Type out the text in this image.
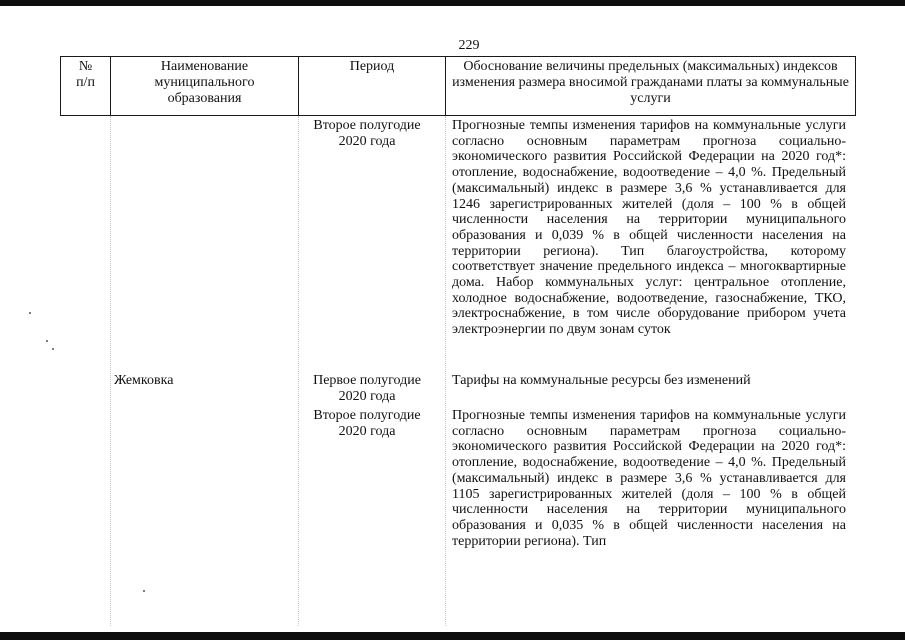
229
№
п/п
Наименование
муниципального
образования
Период	Обоснование величины предельных (максимальных) индексов изменения размера вносимой гражданами платы за коммунальные услуги
Второе полугодие
2020 года
Прогнозные темпы изменения тарифов на коммунальные услуги согласно основным параметрам прогноза социально-экономического развития Российской Федерации на 2020 год*: отопление, водоснабжение, водоотведение – 4,0 %. Предельный (максимальный) индекс в размере 3,6 % устанавливается для 1246 зарегистрированных жителей (доля – 100 % в общей численности населения на территории муниципального образования и 0,039 % в общей численности населения на территории региона). Тип благоустройства, которому соответствует значение предельного индекса – многоквартирные дома. Набор коммунальных услуг: центральное отопление, холодное водоснабжение, водоотведение, газоснабжение, ТКО, электроснабжение, в том числе оборудование прибором учета электроэнергии по двум зонам суток
Жемковка	Первое полугодие
2020 года
Тарифы на коммунальные ресурсы без изменений
Второе полугодие
2020 года
Прогнозные темпы изменения тарифов на коммунальные услуги согласно основным параметрам прогноза социально-экономического развития Российской Федерации на 2020 год*: отопление, водоснабжение, водоотведение – 4,0 %. Предельный (максимальный) индекс в размере 3,6 % устанавливается для 1105 зарегистрированных жителей (доля – 100 % в общей численности населения на территории муниципального образования и 0,035 % в общей численности населения на территории региона). Тип
